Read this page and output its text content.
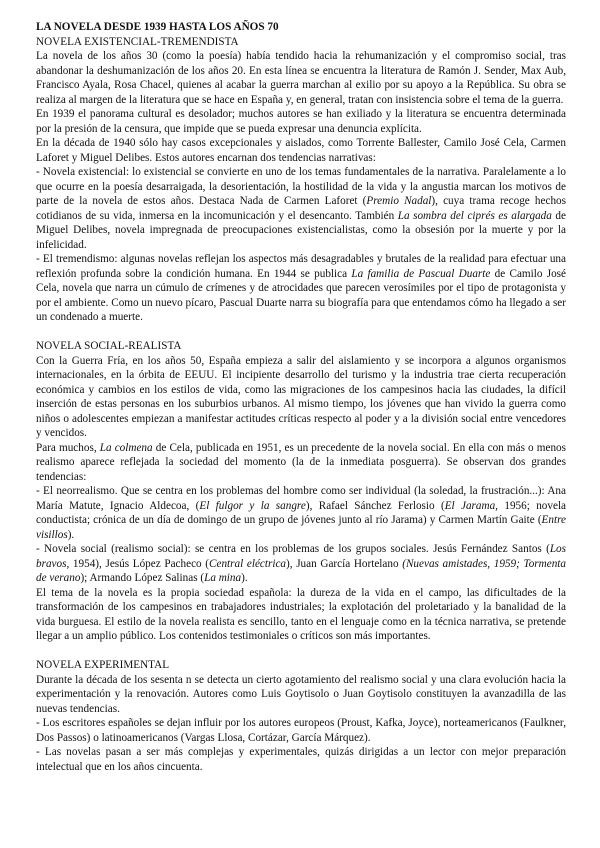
LA NOVELA DESDE 1939 HASTA LOS AÑOS 70
NOVELA EXISTENCIAL-TREMENDISTA

La novela de los años 30 (como la poesía) había tendido hacia la rehumanización y el compromiso social, tras abandonar la deshumanización de los años 20. En esta línea se encuentra la literatura de Ramón J. Sender, Max Aub, Francisco Ayala, Rosa Chacel, quienes al acabar la guerra marchan al exilio por su apoyo a la República. Su obra se realiza al margen de la literatura que se hace en España y, en general, tratan con insistencia sobre el tema de la guerra.

En 1939 el panorama cultural es desolador; muchos autores se han exiliado y la literatura se encuentra determinada por la presión de la censura, que impide que se pueda expresar una denuncia explícita.

En la década de 1940 sólo hay casos excepcionales y aislados, como Torrente Ballester, Camilo José Cela, Carmen Laforet y Miguel Delibes. Estos autores encarnan dos tendencias narrativas:

- Novela existencial: lo existencial se convierte en uno de los temas fundamentales de la narrativa. Paralelamente a lo que ocurre en la poesía desarraigada, la desorientación, la hostilidad de la vida y la angustia marcan los motivos de parte de la novela de estos años. Destaca Nada de Carmen Laforet (Premio Nadal), cuya trama recoge hechos cotidianos de su vida, inmersa en la incomunicación y el desencanto. También La sombra del ciprés es alargada de Miguel Delibes, novela impregnada de preocupaciones existencialistas, como la obsesión por la muerte y por la infelicidad.

- El tremendismo: algunas novelas reflejan los aspectos más desagradables y brutales de la realidad para efectuar una reflexión profunda sobre la condición humana. En 1944 se publica La familia de Pascual Duarte de Camilo José Cela, novela que narra un cúmulo de crímenes y de atrocidades que parecen verosímiles por el tipo de protagonista y por el ambiente. Como un nuevo pícaro, Pascual Duarte narra su biografía para que entendamos cómo ha llegado a ser un condenado a muerte.

NOVELA SOCIAL-REALISTA

Con la Guerra Fría, en los años 50, España empieza a salir del aislamiento y se incorpora a algunos organismos internacionales, en la órbita de EEUU. El incipiente desarrollo del turismo y la industria trae cierta recuperación económica y cambios en los estilos de vida, como las migraciones de los campesinos hacia las ciudades, la difícil inserción de estas personas en los suburbios urbanos. Al mismo tiempo, los jóvenes que han vivido la guerra como niños o adolescentes empiezan a manifestar actitudes críticas respecto al poder y a la división social entre vencedores y vencidos.

Para muchos, La colmena de Cela, publicada en 1951, es un precedente de la novela social. En ella con más o menos realismo aparece reflejada la sociedad del momento (la de la inmediata posguerra). Se observan dos grandes tendencias:

- El neorrealismo. Que se centra en los problemas del hombre como ser individual (la soledad, la frustración...): Ana María Matute, Ignacio Aldecoa, (El fulgor y la sangre), Rafael Sánchez Ferlosio (El Jarama, 1956; novela conductista; crónica de un día de domingo de un grupo de jóvenes junto al río Jarama) y Carmen Martín Gaite (Entre visillos).

- Novela social (realismo social): se centra en los problemas de los grupos sociales. Jesús Fernández Santos (Los bravos, 1954), Jesús López Pacheco (Central eléctrica), Juan García Hortelano (Nuevas amistades, 1959; Tormenta de verano); Armando López Salinas (La mina).

El tema de la novela es la propia sociedad española: la dureza de la vida en el campo, las dificultades de la transformación de los campesinos en trabajadores industriales; la explotación del proletariado y la banalidad de la vida burguesa. El estilo de la novela realista es sencillo, tanto en el lenguaje como en la técnica narrativa, se pretende llegar a un amplio público. Los contenidos testimoniales o críticos son más importantes.

NOVELA EXPERIMENTAL

Durante la década de los sesenta n se detecta un cierto agotamiento del realismo social y una clara evolución hacia la experimentación y la renovación. Autores como Luis Goytisolo o Juan Goytisolo constituyen la avanzadilla de las nuevas tendencias.

- Los escritores españoles se dejan influir por los autores europeos (Proust, Kafka, Joyce), norteamericanos (Faulkner, Dos Passos) o latinoamericanos (Vargas Llosa, Cortázar, García Márquez).

- Las novelas pasan a ser más complejas y experimentales, quizás dirigidas a un lector con mejor preparación intelectual que en los años cincuenta.
